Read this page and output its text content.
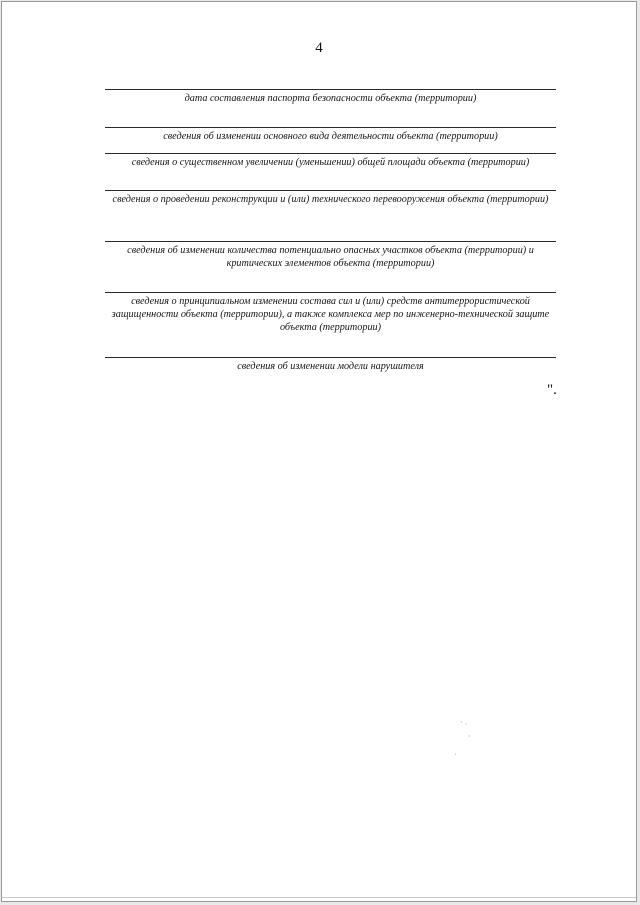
4
дата составления паспорта безопасности объекта (территории)
сведения об изменении основного вида деятельности объекта (территории)
сведения о существенном увеличении (уменьшении) общей площади объекта (территории)
сведения о проведении реконструкции и (или) технического перевооружения объекта (территории)
сведения об изменении количества потенциально опасных участков объекта (территории) и критических элементов объекта (территории)
сведения о принципиальном изменении состава сил и (или) средств антитеррористической защищенности объекта (территории), а также комплекса мер по инженерно-технической защите объекта (территории)
сведения об изменении модели нарушителя
".
ˋ ·
·
ˌ
